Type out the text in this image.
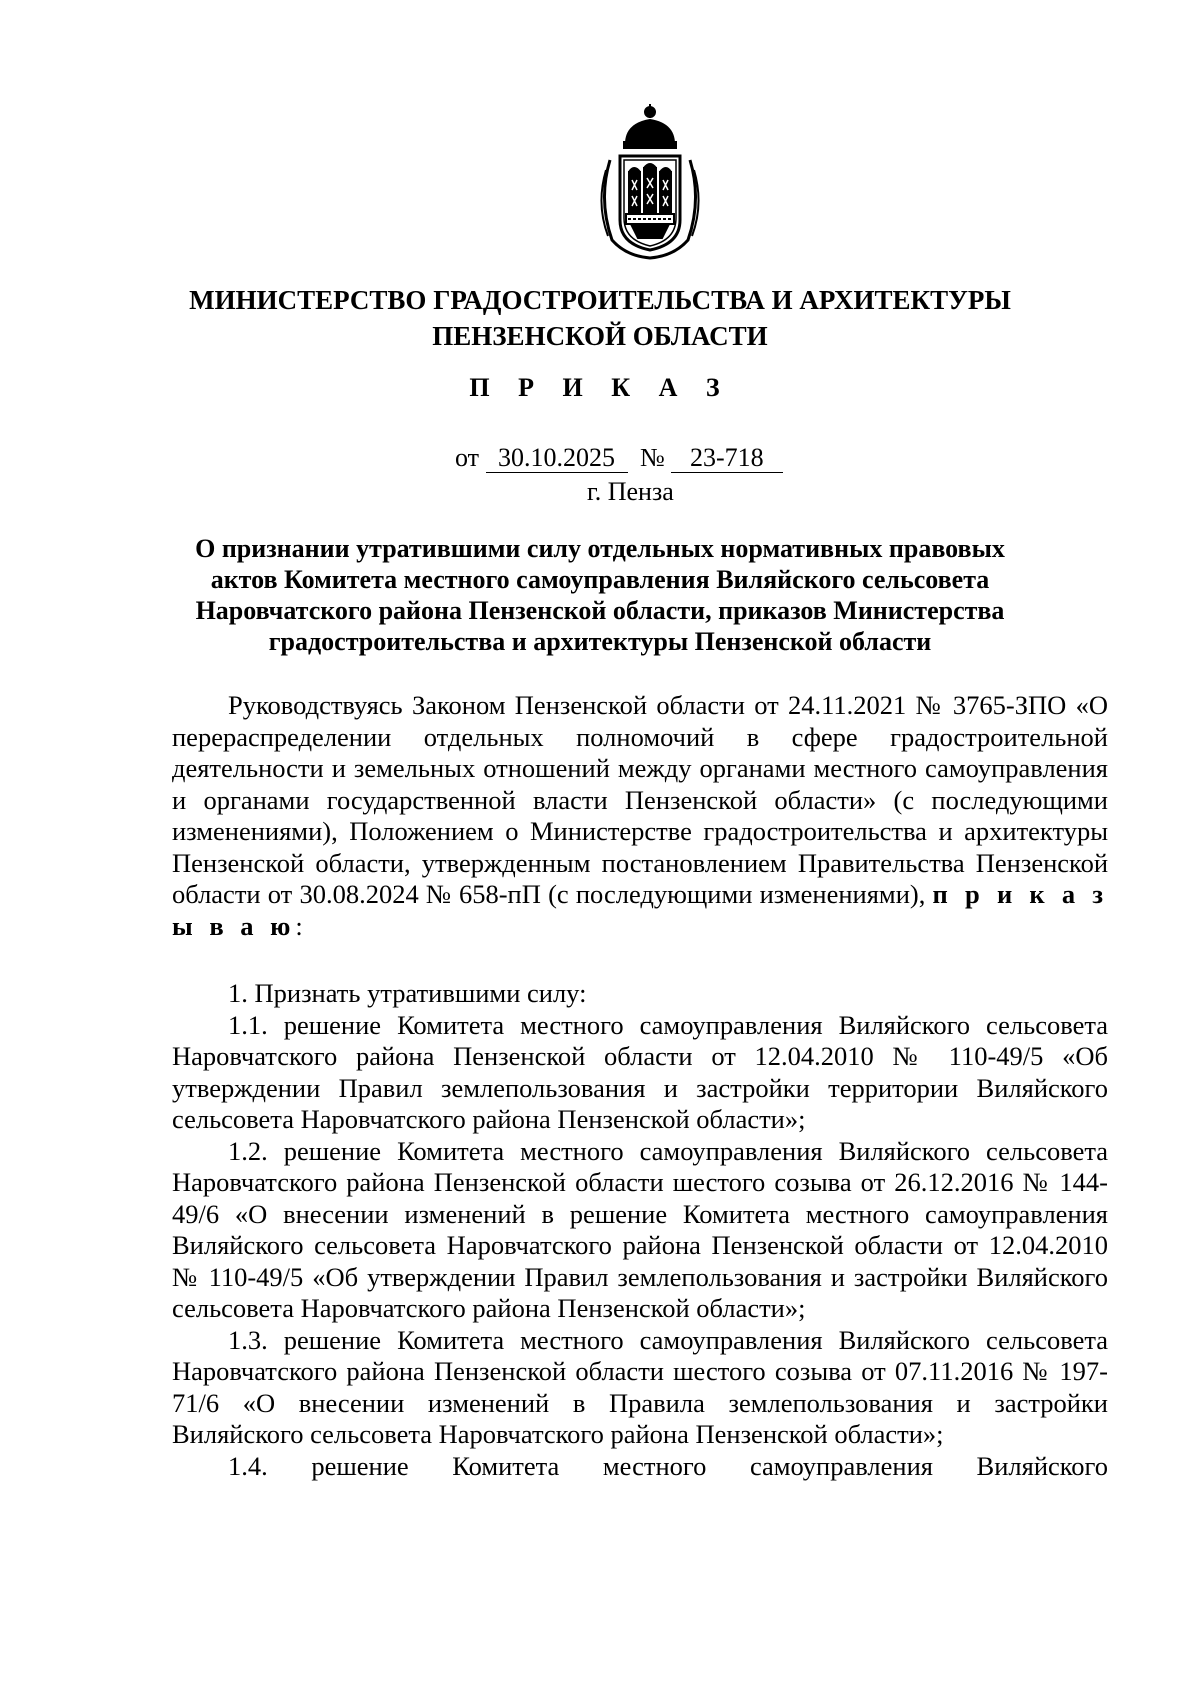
МИНИСТЕРСТВО ГРАДОСТРОИТЕЛЬСТВА И АРХИТЕКТУРЫ
ПЕНЗЕНСКОЙ ОБЛАСТИ
П Р И К А З
от 30.10.2025 № 23-718
г. Пенза
О признании утратившими силу отдельных нормативных правовых
актов Комитета местного самоуправления Виляйского сельсовета
Наровчатского района Пензенской области, приказов Министерства
градостроительства и архитектуры Пензенской области

Руководствуясь Законом Пензенской области от 24.11.2021 № 3765-ЗПО «О перераспределении отдельных полномочий в сфере градостроительной деятельности и земельных отношений между органами местного самоуправления и органами государственной власти Пензенской области» (с последующими изменениями), Положением о Министерстве градостроительства и архитектуры Пензенской области, утвержденным постановлением Правительства Пензенской области от 30.08.2024 № 658-пП (с последующими изменениями), п р и к а з ы в а ю:

1. Признать утратившими силу:

1.1. решение Комитета местного самоуправления Виляйского сельсовета Наровчатского района Пензенской области от 12.04.2010 № 110-49/5 «Об утверждении Правил землепользования и застройки территории Виляйского сельсовета Наровчатского района Пензенской области»;

1.2. решение Комитета местного самоуправления Виляйского сельсовета Наровчатского района Пензенской области шестого созыва от 26.12.2016 № 144-49/6 «О внесении изменений в решение Комитета местного самоуправления Виляйского сельсовета Наровчатского района Пензенской области от 12.04.2010 № 110-49/5 «Об утверждении Правил землепользования и застройки Виляйского сельсовета Наровчатского района Пензенской области»;

1.3. решение Комитета местного самоуправления Виляйского сельсовета Наровчатского района Пензенской области шестого созыва от 07.11.2016 № 197-71/6 «О внесении изменений в Правила землепользования и застройки Виляйского сельсовета Наровчатского района Пензенской области»;

1.4. решение Комитета местного самоуправления Виляйского
